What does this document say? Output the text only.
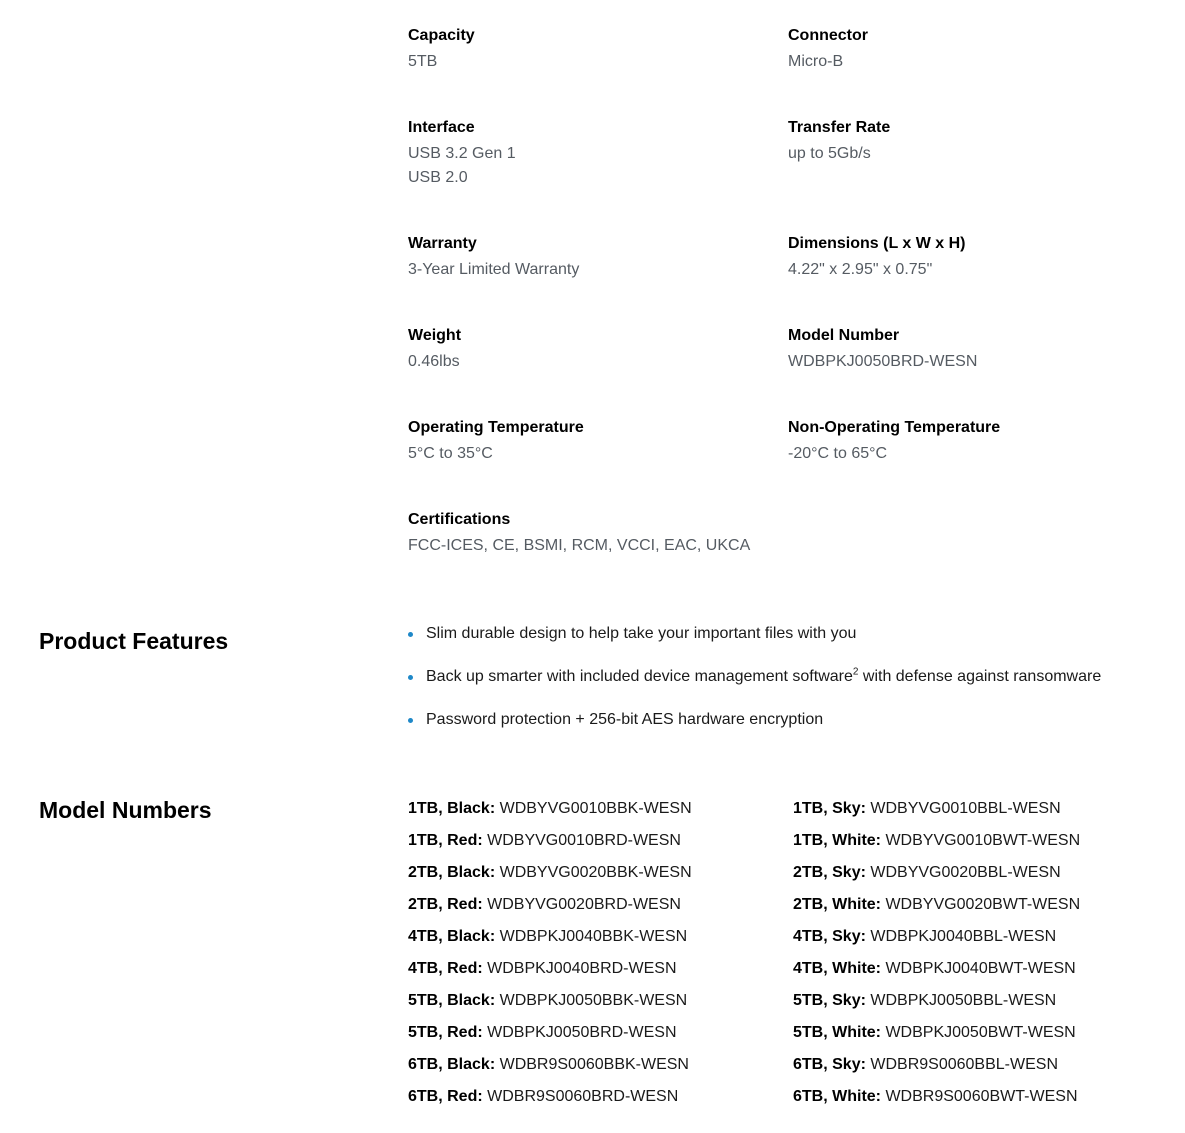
Capacity
5TB
Connector
Micro-B
Interface
USB 3.2 Gen 1
USB 2.0
Transfer Rate
up to 5Gb/s
Warranty
3-Year Limited Warranty
Dimensions (L x W x H)
4.22" x 2.95" x 0.75"
Weight
0.46lbs
Model Number
WDBPKJ0050BRD-WESN
Operating Temperature
5°C to 35°C
Non-Operating Temperature
-20°C to 65°C
Certifications
FCC-ICES, CE, BSMI, RCM, VCCI, EAC, UKCA
Product Features	Slim durable design to help take your important files with you
Back up smarter with included device management software$^2$ with defense against ransomware
Password protection + 256-bit AES hardware encryption
Model Numbers	1TB, Black: WDBYVG0010BBK-WESN
1TB, Red: WDBYVG0010BRD-WESN
2TB, Black: WDBYVG0020BBK-WESN
2TB, Red: WDBYVG0020BRD-WESN
4TB, Black: WDBPKJ0040BBK-WESN
4TB, Red: WDBPKJ0040BRD-WESN
5TB, Black: WDBPKJ0050BBK-WESN
5TB, Red: WDBPKJ0050BRD-WESN
6TB, Black: WDBR9S0060BBK-WESN
6TB, Red: WDBR9S0060BRD-WESN
1TB, Sky: WDBYVG0010BBL-WESN
1TB, White: WDBYVG0010BWT-WESN
2TB, Sky: WDBYVG0020BBL-WESN
2TB, White: WDBYVG0020BWT-WESN
4TB, Sky: WDBPKJ0040BBL-WESN
4TB, White: WDBPKJ0040BWT-WESN
5TB, Sky: WDBPKJ0050BBL-WESN
5TB, White: WDBPKJ0050BWT-WESN
6TB, Sky: WDBR9S0060BBL-WESN
6TB, White: WDBR9S0060BWT-WESN
